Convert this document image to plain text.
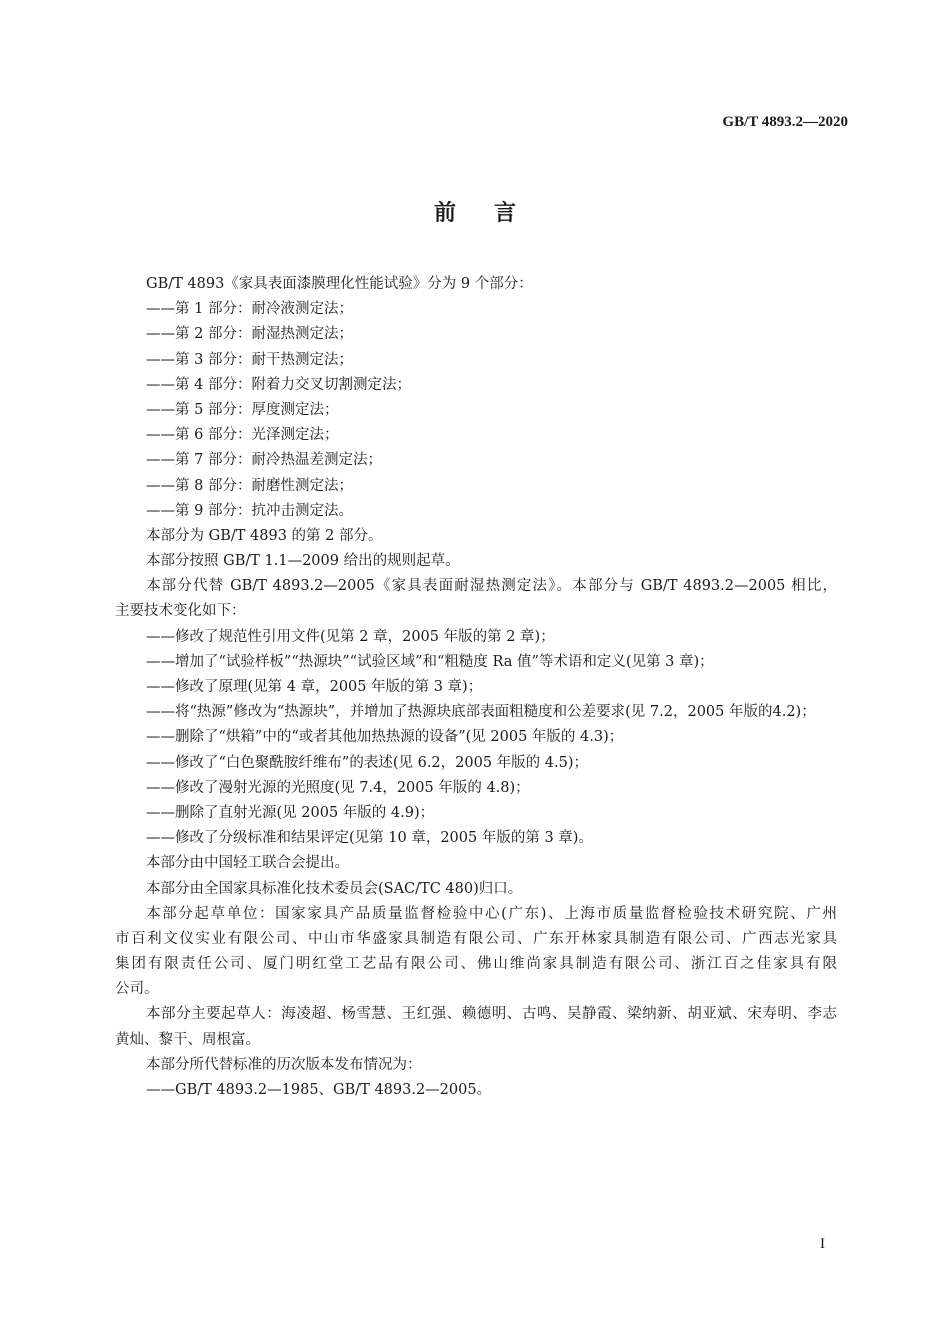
GB/T 4893.2—2020
前言
GB/T 4893《家具表面漆膜理化性能试验》分为 9 个部分：
——第 1 部分：耐冷液测定法；
——第 2 部分：耐湿热测定法；
——第 3 部分：耐干热测定法；
——第 4 部分：附着力交叉切割测定法；
——第 5 部分：厚度测定法；
——第 6 部分：光泽测定法；
——第 7 部分：耐冷热温差测定法；
——第 8 部分：耐磨性测定法；
——第 9 部分：抗冲击测定法。
本部分为 GB/T 4893 的第 2 部分。
本部分按照 GB/T 1.1—2009 给出的规则起草。
本部分代替 GB/T 4893.2—2005《家具表面耐湿热测定法》。本部分与 GB/T 4893.2—2005 相比，
主要技术变化如下：
——修改了规范性引用文件(见第 2 章，2005 年版的第 2 章)；
——增加了“试验样板”“热源块”“试验区域”和“粗糙度 Ra 值”等术语和定义(见第 3 章)；
——修改了原理(见第 4 章，2005 年版的第 3 章)；
——将“热源”修改为“热源块”，并增加了热源块底部表面粗糙度和公差要求(见 7.2，2005 年版的4.2)；
——删除了“烘箱”中的“或者其他加热热源的设备”(见 2005 年版的 4.3)；
——修改了“白色聚酰胺纤维布”的表述(见 6.2，2005 年版的 4.5)；
——修改了漫射光源的光照度(见 7.4，2005 年版的 4.8)；
——删除了直射光源(见 2005 年版的 4.9)；
——修改了分级标准和结果评定(见第 10 章，2005 年版的第 3 章)。
本部分由中国轻工联合会提出。
本部分由全国家具标准化技术委员会(SAC/TC 480)归口。
本部分起草单位：国家家具产品质量监督检验中心(广东)、上海市质量监督检验技术研究院、广州
市百利文仪实业有限公司、中山市华盛家具制造有限公司、广东开林家具制造有限公司、广西志光家具
集团有限责任公司、厦门明红堂工艺品有限公司、佛山维尚家具制造有限公司、浙江百之佳家具有限
公司。
本部分主要起草人：海凌超、杨雪慧、王红强、赖德明、古鸣、吴静霞、梁纳新、胡亚斌、宋寿明、李志
黄灿、黎干、周根富。
本部分所代替标准的历次版本发布情况为：
——GB/T 4893.2—1985、GB/T 4893.2—2005。
I
